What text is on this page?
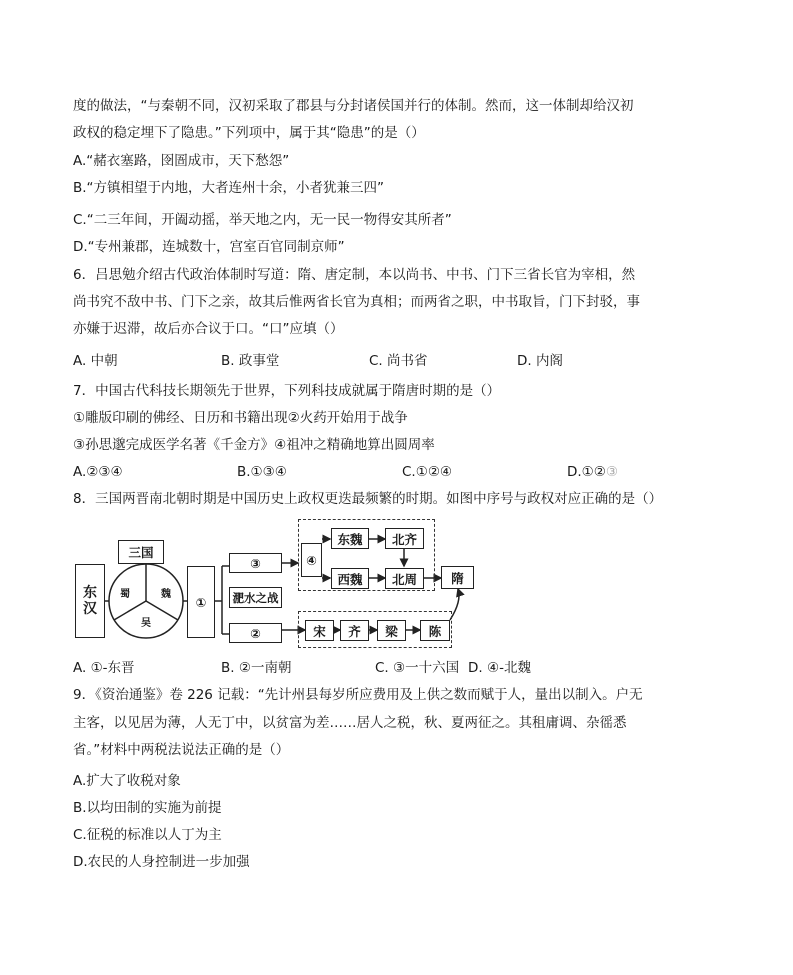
度的做法，“与秦朝不同，汉初采取了郡县与分封诸侯国并行的体制。然而，这一体制却给汉初
政权的稳定埋下了隐患。”下列项中，属于其“隐患”的是（）
A.“赭衣塞路，囹圄成市，天下愁怨”
B.“方镇相望于内地，大者连州十余，小者犹兼三四”
C.“二三年间，开阖动摇，举天地之内，无一民一物得安其所者”
D.“专州兼郡，连城数十，宫室百官同制京师”
6．吕思勉介绍古代政治体制时写道：隋、唐定制，本以尚书、中书、门下三省长官为宰相，然
尚书究不敌中书、门下之亲，故其后惟两省长官为真相；而两省之职，中书取旨，门下封驳，事
亦嫌于迟滞，故后亦合议于口。“口”应填（）
A. 中朝	B. 政事堂	C. 尚书省	D. 内阁
7．中国古代科技长期领先于世界，下列科技成就属于隋唐时期的是（）
①雕版印刷的佛经、日历和书籍出现②火药开始用于战争
③孙思邈完成医学名著《千金方》④祖冲之精确地算出圆周率
A.②③④	B.①③④	C.①②④	D.①②③
8．三国两晋南北朝时期是中国历史上政权更迭最频繁的时期。如图中序号与政权对应正确的是（）
东
汉
三国
蜀	魏
吴
①
③
淝水之战
②
④
东魏	北齐
西魏	北周	隋
宋	齐	梁	陈
A. ①-东晋	B. ②一南朝	C. ③一十六国 D. ④-北魏
9．《资治通鉴》卷 226 记载：“先计州县每岁所应费用及上供之数而赋于人，量出以制入。户无
主客，以见居为薄，人无丁中，以贫富为差……居人之税，秋、夏两征之。其租庸调、杂徭悉
省。”材料中两税法说法正确的是（）
A.扩大了收税对象
B.以均田制的实施为前提
C.征税的标准以人丁为主
D.农民的人身控制进一步加强
